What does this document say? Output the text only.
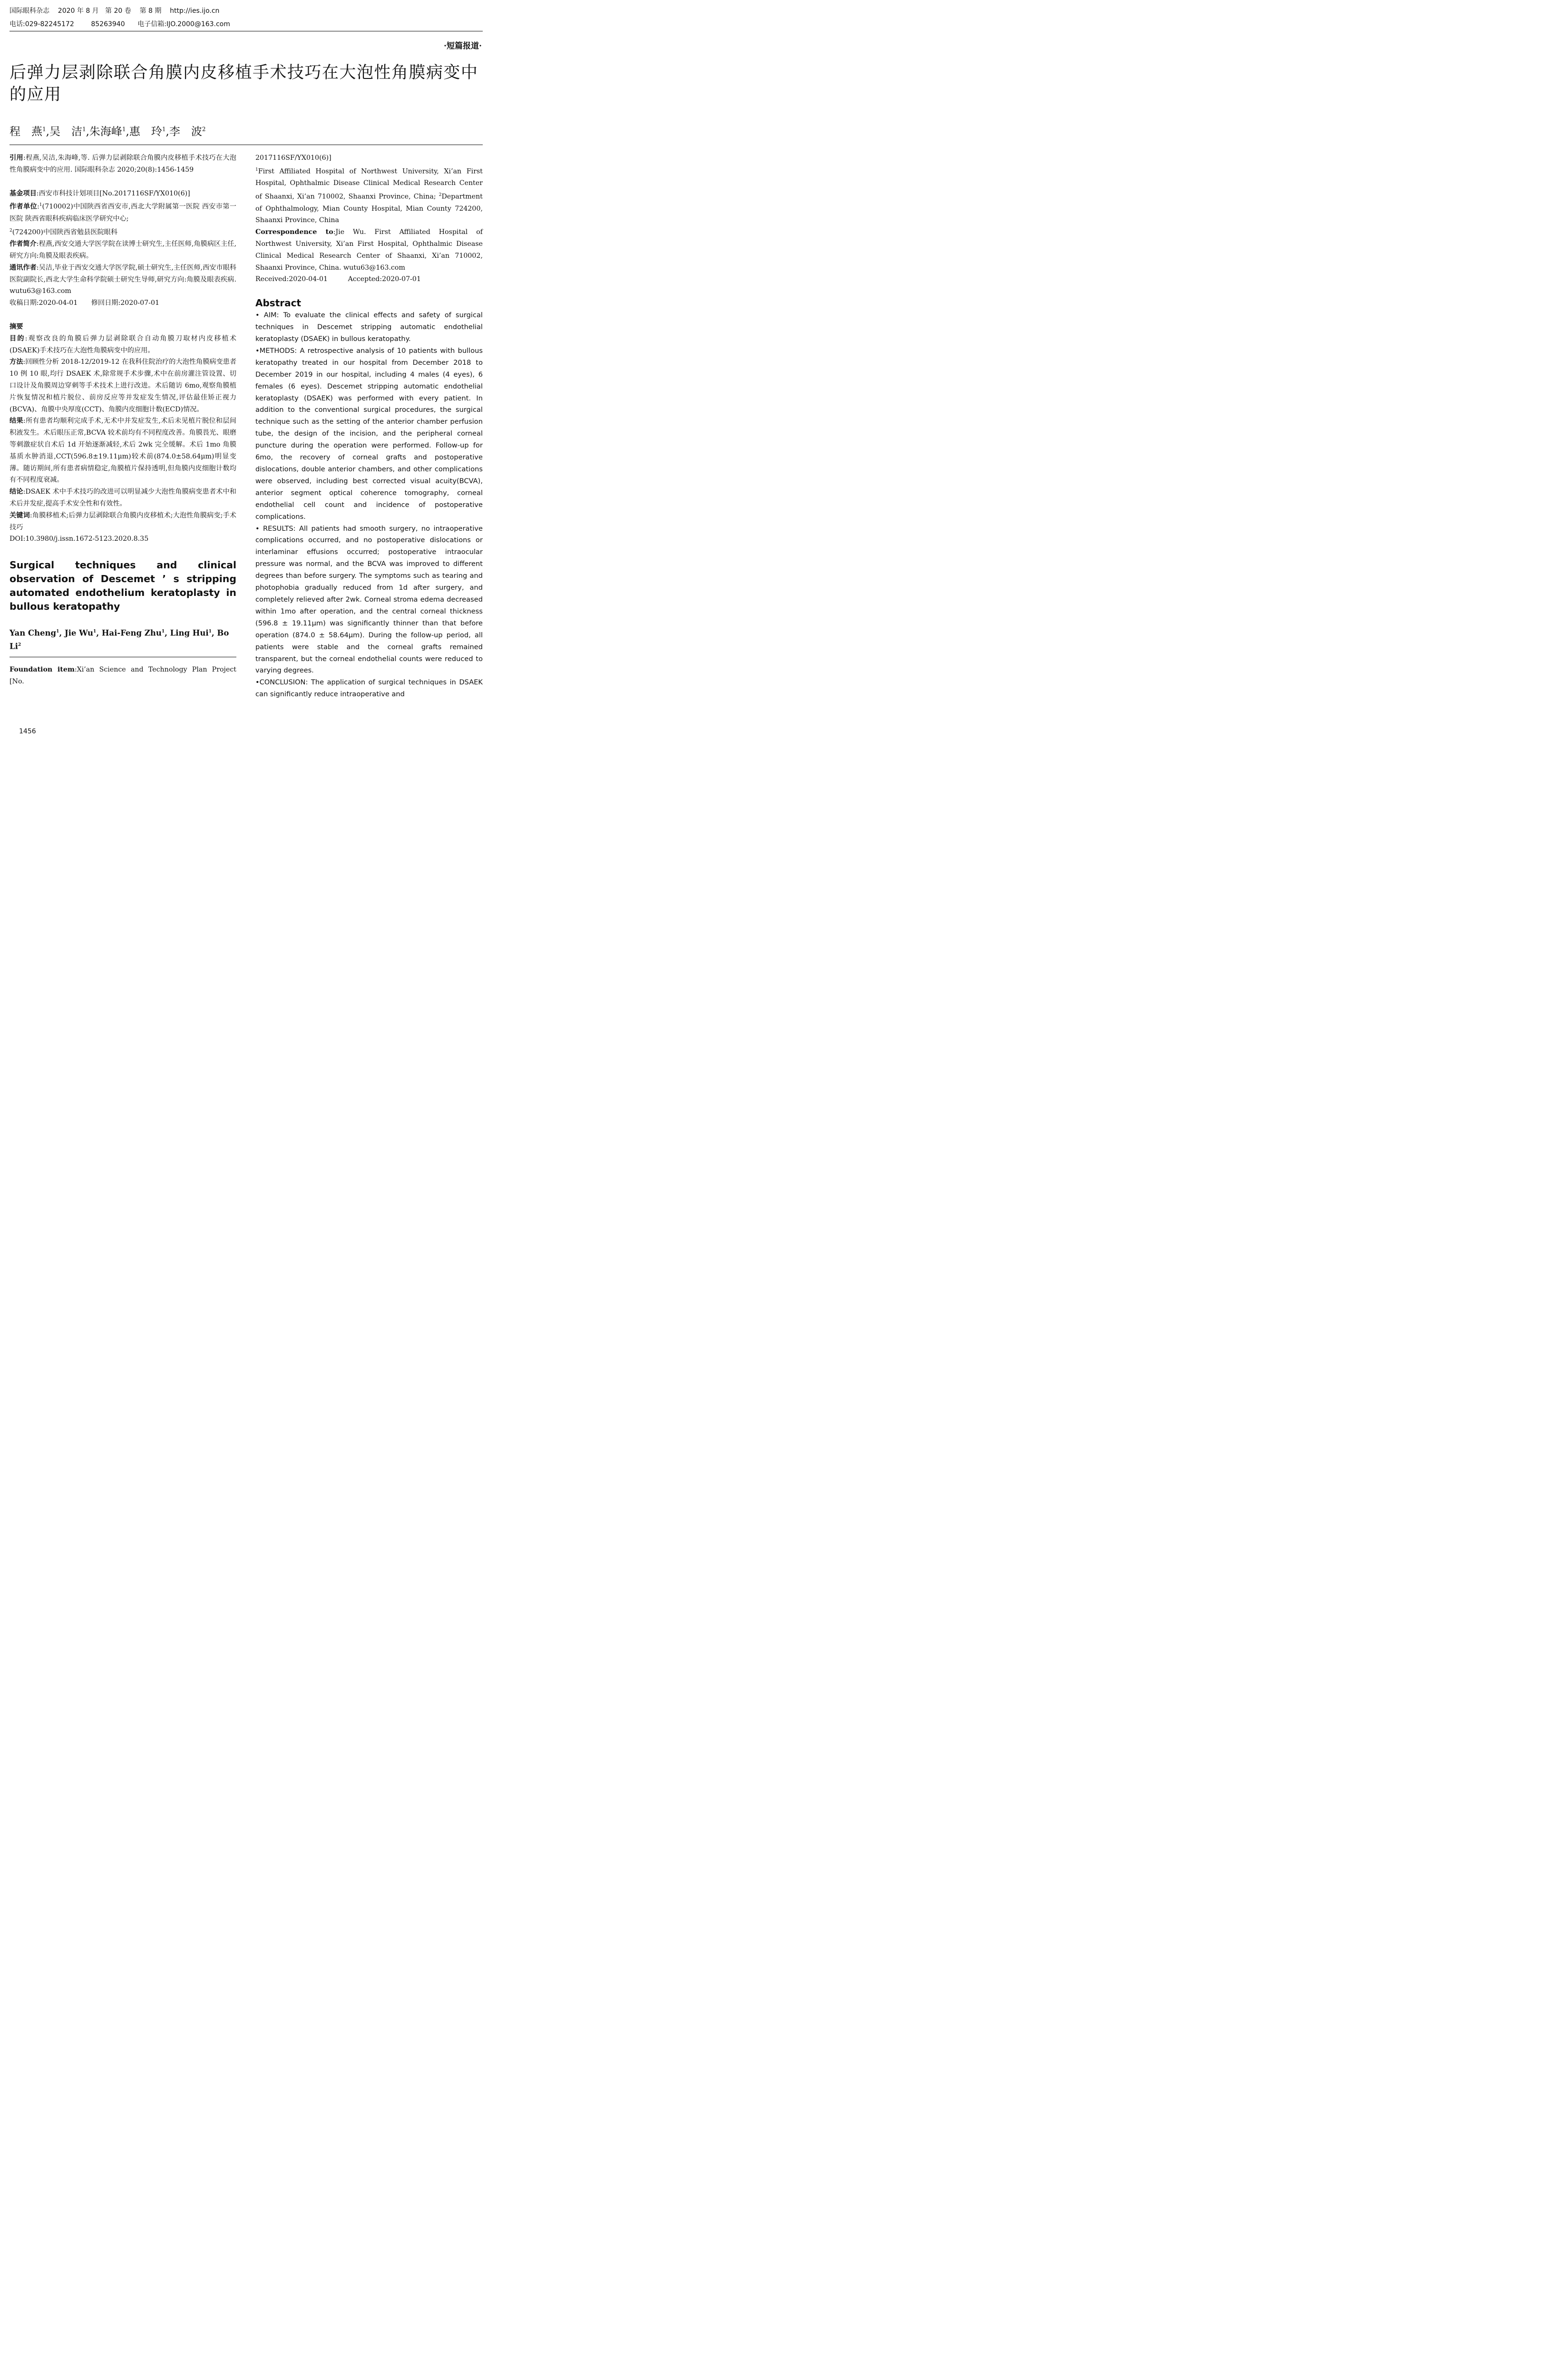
国际眼科杂志    2020 年 8 月   第 20 卷    第 8 期    http://ies.ijo.cn
电话:029-82245172        85263940      电子信箱:IJO.2000@163.com
·短篇报道·
后弹力层剥除联合角膜内皮移植手术技巧在大泡性角膜病变中的应用
程　燕$^1$,吴　洁$^1$,朱海峰$^1$,惠　玲$^1$,李　波$^2$

引用:程燕,吴洁,朱海峰,等. 后弹力层剥除联合角膜内皮移植手术技巧在大泡性角膜病变中的应用. 国际眼科杂志 2020;20(8):1456-1459

基金项目:西安市科技计划项目[No.2017116SF/YX010(6)]

作者单位:$^1$(710002)中国陕西省西安市,西北大学附属第一医院 西安市第一医院 陕西省眼科疾病临床医学研究中心;
$^2$(724200)中国陕西省勉县医院眼科

作者简介:程燕,西安交通大学医学院在读博士研究生,主任医师,角膜病区主任,研究方向:角膜及眼表疾病。

通讯作者:吴洁,毕业于西安交通大学医学院,硕士研究生,主任医师,西安市眼科医院副院长,西北大学生命科学院硕士研究生导师,研究方向:角膜及眼表疾病. wutu63@163.com

收稿日期:2020-04-01　　修回日期:2020-07-01

摘要

目的:观察改良的角膜后弹力层剥除联合自动角膜刀取材内皮移植术(DSAEK)手术技巧在大泡性角膜病变中的应用。

方法:回顾性分析 2018-12/2019-12 在我科住院治疗的大泡性角膜病变患者 10 例 10 眼,均行 DSAEK 术,除常规手术步骤,术中在前房灌注管设置、切口设计及角膜周边穿刺等手术技术上进行改进。术后随访 6mo,观察角膜植片恢复情况和植片脱位、前房反应等并发症发生情况,评估最佳矫正视力(BCVA)、角膜中央厚度(CCT)、角膜内皮细胞计数(ECD)情况。

结果:所有患者均顺利完成手术,无术中并发症发生,术后未见植片脱位和层间积液发生。术后眼压正常,BCVA 较术前均有不同程度改善。角膜畏光、眼磨等刺激症状自术后 1d 开始逐渐减轻,术后 2wk 完全缓解。术后 1mo 角膜基质水肿消退,CCT(596.8±19.11μm)较术前(874.0±58.64μm)明显变薄。随访期间,所有患者病情稳定,角膜植片保持透明,但角膜内皮细胞计数均有不同程度衰减。

结论:DSAEK 术中手术技巧的改进可以明显减少大泡性角膜病变患者术中和术后并发症,提高手术安全性和有效性。

关键词:角膜移植术;后弹力层剥除联合角膜内皮移植术;大泡性角膜病变;手术技巧

DOI:10.3980/j.issn.1672-5123.2020.8.35

Surgical techniques and clinical observation of Descemet ’ s stripping automated endothelium keratoplasty in bullous keratopathy

Yan Cheng$^1$, Jie Wu$^1$, Hai-Feng Zhu$^1$, Ling Hui$^1$, Bo Li$^2$

Foundation item:Xi’an Science and Technology Plan Project [No.

2017116SF/YX010(6)]

$^1$First Affiliated Hospital of Northwest University, Xi’an First Hospital, Ophthalmic Disease Clinical Medical Research Center of Shaanxi, Xi’an 710002, Shaanxi Province, China; $^2$Department of Ophthalmology, Mian County Hospital, Mian County 724200, Shaanxi Province, China

Correspondence to:Jie Wu. First Affiliated Hospital of Northwest University, Xi’an First Hospital, Ophthalmic Disease Clinical Medical Research Center of Shaanxi, Xi’an 710002, Shaanxi Province, China. wutu63@163.com

Received:2020-04-01　　　Accepted:2020-07-01

Abstract

• AIM: To evaluate the clinical effects and safety of surgical techniques in Descemet stripping automatic endothelial keratoplasty (DSAEK) in bullous keratopathy.

•METHODS: A retrospective analysis of 10 patients with bullous keratopathy treated in our hospital from December 2018 to December 2019 in our hospital, including 4 males (4 eyes), 6 females (6 eyes). Descemet stripping automatic endothelial keratoplasty (DSAEK) was performed with every patient. In addition to the conventional surgical procedures, the surgical technique such as the setting of the anterior chamber perfusion tube, the design of the incision, and the peripheral corneal puncture during the operation were performed. Follow-up for 6mo, the recovery of corneal grafts and postoperative dislocations, double anterior chambers, and other complications were observed, including best corrected visual acuity(BCVA), anterior segment optical coherence tomography, corneal endothelial cell count and incidence of postoperative complications.

• RESULTS: All patients had smooth surgery, no intraoperative complications occurred, and no postoperative dislocations or interlaminar effusions occurred; postoperative intraocular pressure was normal, and the BCVA was improved to different degrees than before surgery. The symptoms such as tearing and photophobia gradually reduced from 1d after surgery, and completely relieved after 2wk. Corneal stroma edema decreased within 1mo after operation, and the central corneal thickness (596.8 ± 19.11μm) was significantly thinner than that before operation (874.0 ± 58.64μm). During the follow-up period, all patients were stable and the corneal grafts remained transparent, but the corneal endothelial counts were reduced to varying degrees.

•CONCLUSION: The application of surgical techniques in DSAEK can significantly reduce intraoperative and

1456
